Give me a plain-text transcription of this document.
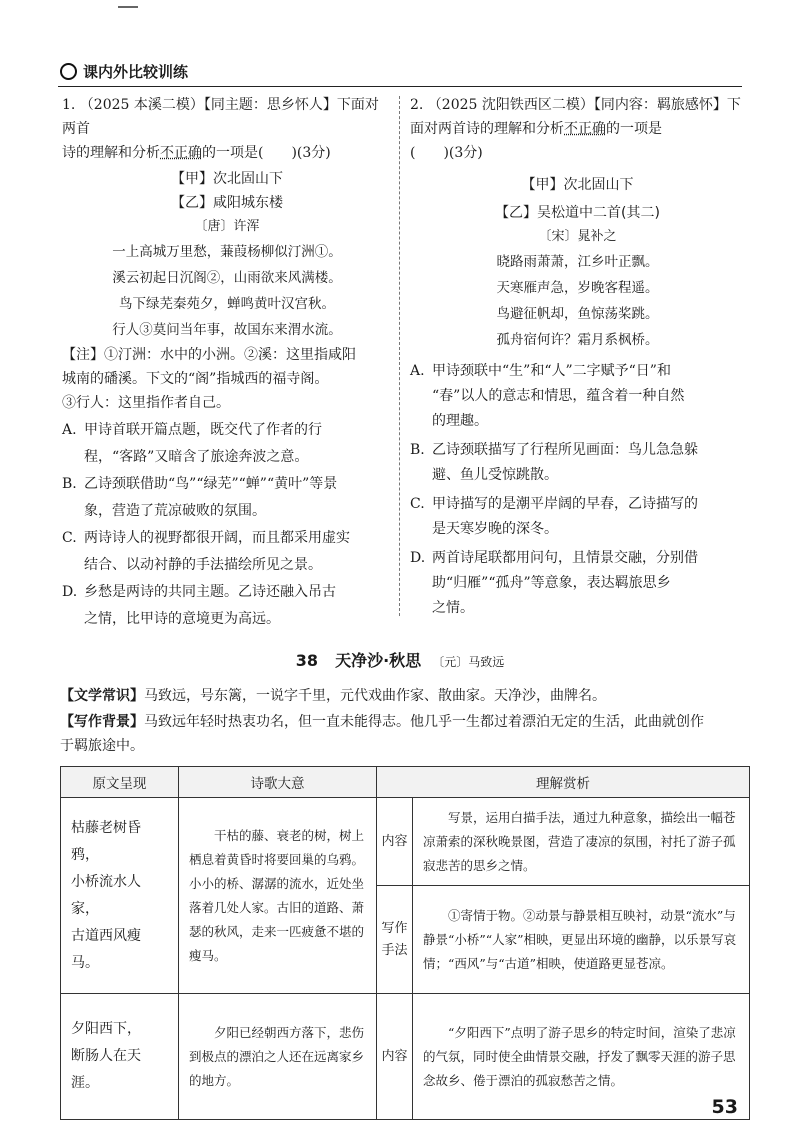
课内外比较训练

1. （2025 本溪二模）【同主题：思乡怀人】下面对两首

诗的理解和分析不正确的一项是(　　)(3分)

【甲】次北固山下

【乙】咸阳城东楼

〔唐〕许浑

一上高城万里愁，蒹葭杨柳似汀洲①。
溪云初起日沉阁②，山雨欲来风满楼。
鸟下绿芜秦苑夕，蝉鸣黄叶汉宫秋。
行人③莫问当年事，故国东来渭水流。

【注】①汀洲：水中的小洲。②溪：这里指咸阳

城南的磻溪。下文的“阁”指城西的福寺阁。

③行人：这里指作者自己。

A. 甲诗首联开篇点题，既交代了作者的行
程，“客路”又暗含了旅途奔波之意。
B. 乙诗颈联借助“鸟”“绿芜”“蝉”“黄叶”等景
象，营造了荒凉破败的氛围。
C. 两诗诗人的视野都很开阔，而且都采用虚实
结合、以动衬静的手法描绘所见之景。
D. 乡愁是两诗的共同主题。乙诗还融入吊古
之情，比甲诗的意境更为高远。

2. （2025 沈阳铁西区二模）【同内容：羁旅感怀】下

面对两首诗的理解和分析不正确的一项是

(　　)(3分)

【甲】次北固山下

【乙】吴松道中二首(其二)

〔宋〕晁补之

晓路雨萧萧，江乡叶正飘。
天寒雁声急，岁晚客程遥。
鸟避征帆却，鱼惊荡桨跳。
孤舟宿何许？霜月系枫桥。
A. 甲诗颈联中“生”和“人”二字赋予“日”和
“春”以人的意志和情思，蕴含着一种自然
的理趣。
B. 乙诗颈联描写了行程所见画面：鸟儿急急躲
避、鱼儿受惊跳散。
C. 甲诗描写的是潮平岸阔的早春，乙诗描写的
是天寒岁晚的深冬。
D. 两首诗尾联都用问句，且情景交融，分别借
助“归雁”“孤舟”等意象，表达羁旅思乡
之情。
38 天净沙·秋思 〔元〕马致远
【文学常识】马致远，号东篱，一说字千里，元代戏曲作家、散曲家。天净沙，曲牌名。
【写作背景】马致远年轻时热衷功名，但一直未能得志。他几乎一生都过着漂泊无定的生活，此曲就创作
于羁旅途中。
原文呈现	诗歌大意	理解赏析	

枯藤老树昏鸦，
小桥流水人家，
古道西风瘦马。	干枯的藤、衰老的树，树上栖息着黄昏时将要回巢的乌鸦。小小的桥、潺潺的流水，近处坐落着几处人家。古旧的道路、萧瑟的秋风，走来一匹疲惫不堪的瘦马。	内容	写景，运用白描手法，通过九种意象，描绘出一幅苍凉萧索的深秋晚景图，营造了凄凉的氛围，衬托了游子孤寂悲苦的思乡之情。
		写作手法	①寄情于物。②动景与静景相互映衬，动景“流水”与静景“小桥”“人家”相映，更显出环境的幽静，以乐景写哀情；“西风”与“古道”相映，使道路更显苍凉。

夕阳西下，
断肠人在天涯。	夕阳已经朝西方落下，悲伤到极点的漂泊之人还在远离家乡的地方。	内容	“夕阳西下”点明了游子思乡的特定时间，渲染了悲凉的气氛，同时使全曲情景交融，抒发了飘零天涯的游子思念故乡、倦于漂泊的孤寂愁苦之情。
53
